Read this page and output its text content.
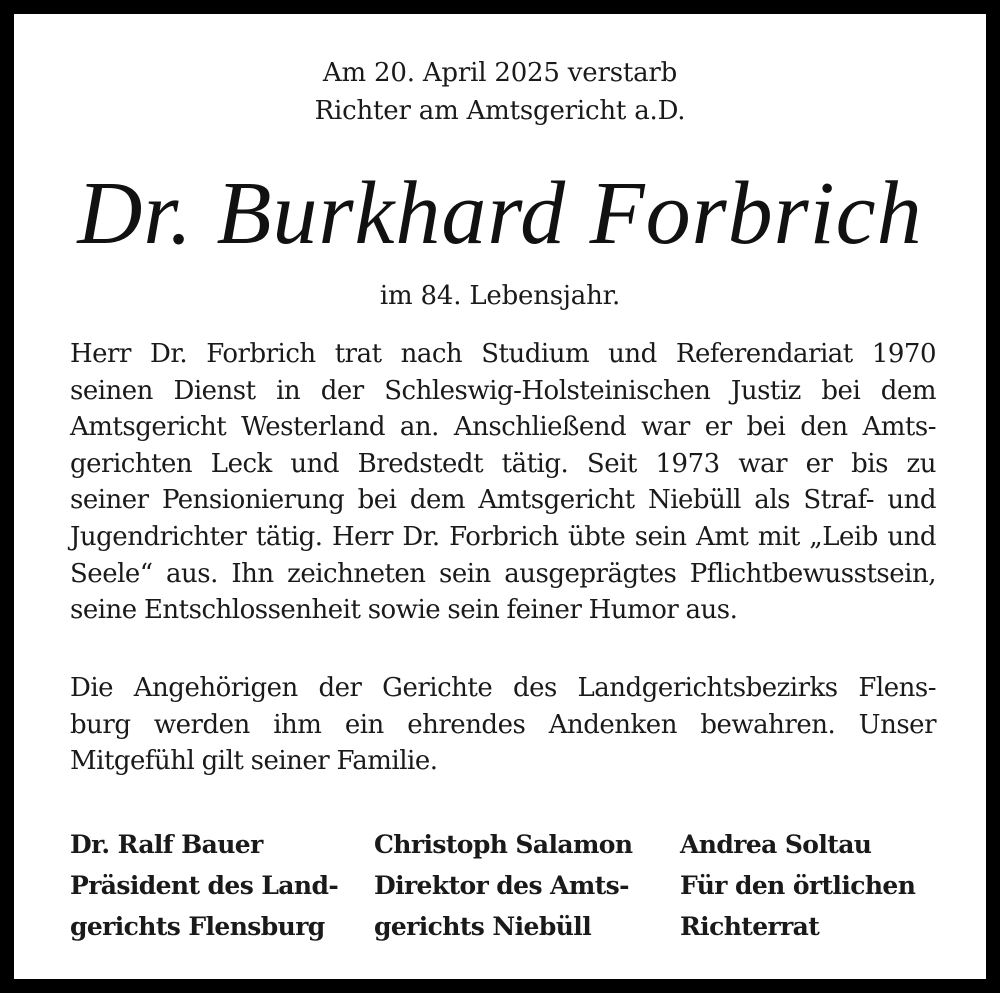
Am 20. April 2025 verstarb
Richter am Amtsgericht a.D.
Dr. Burkhard Forbrich
im 84. Lebensjahr.
Herr Dr. Forbrich trat nach Studium und Referendariat 1970
seinen Dienst in der Schleswig-Holsteinischen Justiz bei dem
Amtsgericht Westerland an. Anschließend war er bei den Amts-
gerichten Leck und Bredstedt tätig. Seit 1973 war er bis zu
seiner Pensionierung bei dem Amtsgericht Niebüll als Straf- und
Jugendrichter tätig. Herr Dr. Forbrich übte sein Amt mit „Leib und
Seele“ aus. Ihn zeichneten sein ausgeprägtes Pflichtbewusstsein,
seine Entschlossenheit sowie sein feiner Humor aus.
Die Angehörigen der Gerichte des Landgerichtsbezirks Flens-
burg werden ihm ein ehrendes Andenken bewahren. Unser
Mitgefühl gilt seiner Familie.
Dr. Ralf Bauer
Präsident des Land-
gerichts Flensburg
Christoph Salamon
Direktor des Amts-
gerichts Niebüll
Andrea Soltau
Für den örtlichen
Richterrat
